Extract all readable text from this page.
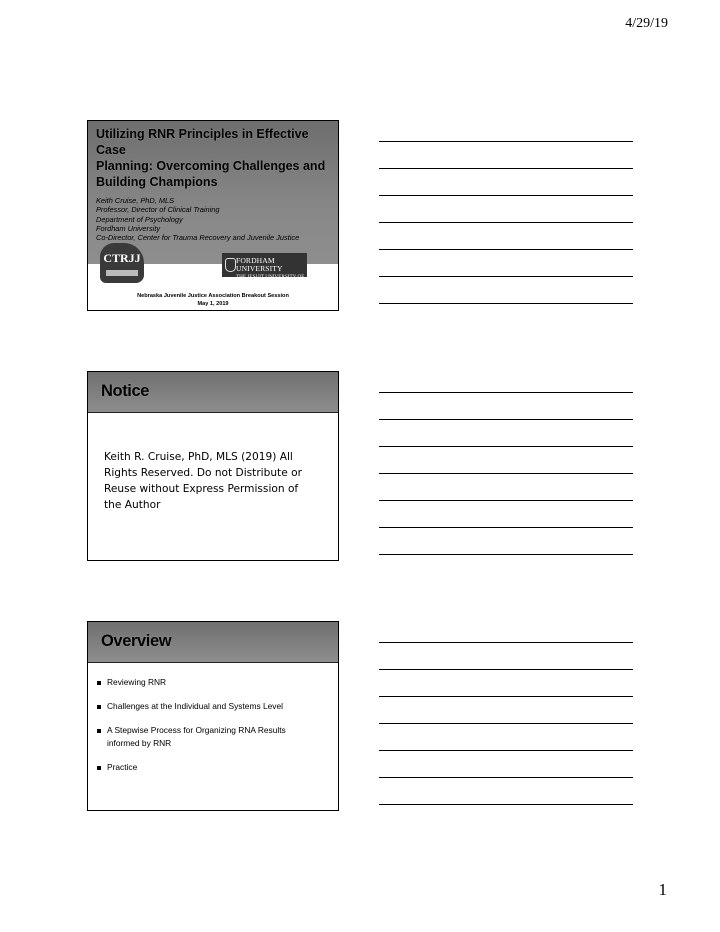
4/29/19
Utilizing RNR Principles in Effective Case
Planning: Overcoming Challenges and
Building Champions
Keith Cruise, PhD, MLS
Professor, Director of Clinical Training
Department of Psychology
Fordham University
Co-Director, Center for Trauma Recovery and Juvenile Justice
CTRJJ	FORDHAM UNIVERSITY
THE JESUIT UNIVERSITY OF NEW YORK
Nebraska Juvenile Justice Association Breakout Session
May 1, 2019
Notice
Keith R. Cruise, PhD, MLS (2019) All
Rights Reserved. Do not Distribute or
Reuse without Express Permission of
the Author
Overview
Reviewing RNR
Challenges at the Individual and Systems Level
A Stepwise Process for Organizing RNA Results
informed by RNR
Practice
1
